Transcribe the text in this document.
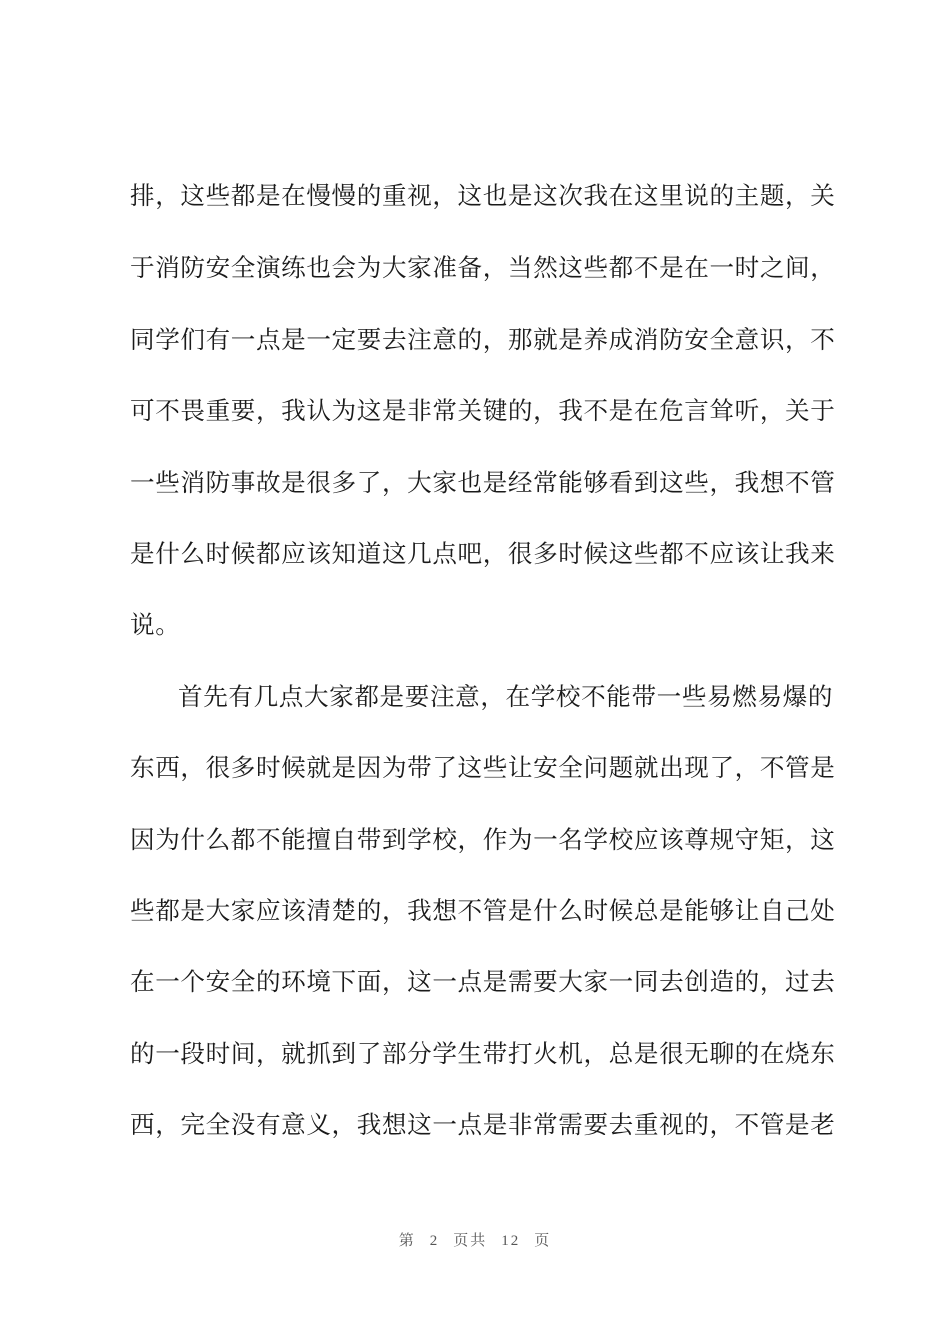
排，这些都是在慢慢的重视，这也是这次我在这里说的主题，关
于消防安全演练也会为大家准备，当然这些都不是在一时之间，
同学们有一点是一定要去注意的，那就是养成消防安全意识，不
可不畏重要，我认为这是非常关键的，我不是在危言耸听，关于
一些消防事故是很多了，大家也是经常能够看到这些，我想不管
是什么时候都应该知道这几点吧，很多时候这些都不应该让我来
说。
首先有几点大家都是要注意，在学校不能带一些易燃易爆的
东西，很多时候就是因为带了这些让安全问题就出现了，不管是
因为什么都不能擅自带到学校，作为一名学校应该尊规守矩，这
些都是大家应该清楚的，我想不管是什么时候总是能够让自己处
在一个安全的环境下面，这一点是需要大家一同去创造的，过去
的一段时间，就抓到了部分学生带打火机，总是很无聊的在烧东
西，完全没有意义，我想这一点是非常需要去重视的，不管是老
第 2 页共 12 页
